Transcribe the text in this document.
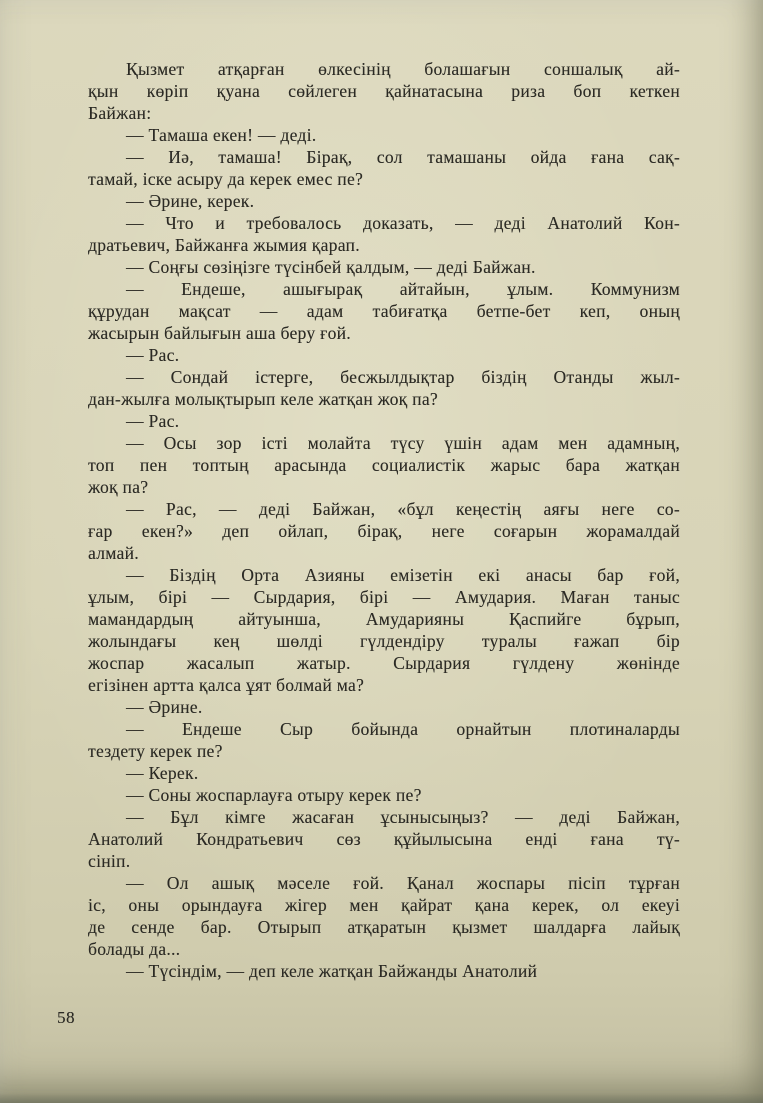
Қызмет атқарған өлкесінің болашағын соншалық ай-
қын көріп қуана сөйлеген қайнатасына риза боп кеткен
Байжан:

— Тамаша екен! — деді.

— Иә, тамаша! Бірақ, сол тамашаны ойда ғана сақ-
тамай, іске асыру да керек емес пе?

— Әрине, керек.

— Что и требовалось доказать, — деді Анатолий Кон-
дратьевич, Байжанға жымия қарап.

— Соңғы сөзіңізге түсінбей қалдым, — деді Байжан.

— Ендеше, ашығырақ айтайын, ұлым. Коммунизм
құрудан мақсат — адам табиғатқа бетпе-бет кеп, оның
жасырын байлығын аша беру ғой.

— Рас.

— Сондай істерге, бесжылдықтар біздің Отанды жыл-
дан-жылға молықтырып келе жатқан жоқ па?

— Рас.

— Осы зор істі молайта түсу үшін адам мен адамның,
топ пен топтың арасында социалистік жарыс бара жатқан
жоқ па?

— Рас, — деді Байжан, «бұл кеңестің аяғы неге со-
ғар екен?» деп ойлап, бірақ, неге соғарын жорамалдай
алмай.

— Біздің Орта Азияны емізетін екі анасы бар ғой,
ұлым, бірі — Сырдария, бірі — Амудария. Маған таныс
мамандардың айтуынша, Амударияны Қаспийге бұрып,
жолындағы кең шөлді гүлдендіру туралы ғажап бір
жоспар жасалып жатыр. Сырдария гүлдену жөнінде
егізінен артта қалса ұят болмай ма?

— Әрине.

— Ендеше Сыр бойында орнайтын плотиналарды
тездету керек пе?

— Керек.

— Соны жоспарлауға отыру керек пе?

— Бұл кімге жасаған ұсынысыңыз? — деді Байжан,
Анатолий Кондратьевич сөз құйылысына енді ғана тү-
сініп.

— Ол ашық мәселе ғой. Қанал жоспары пісіп тұрған
іс, оны орындауға жігер мен қайрат қана керек, ол екеуі
де сенде бар. Отырып атқаратын қызмет шалдарға лайық
болады да...

— Түсіндім, — деп келе жатқан Байжанды Анатолий

58
